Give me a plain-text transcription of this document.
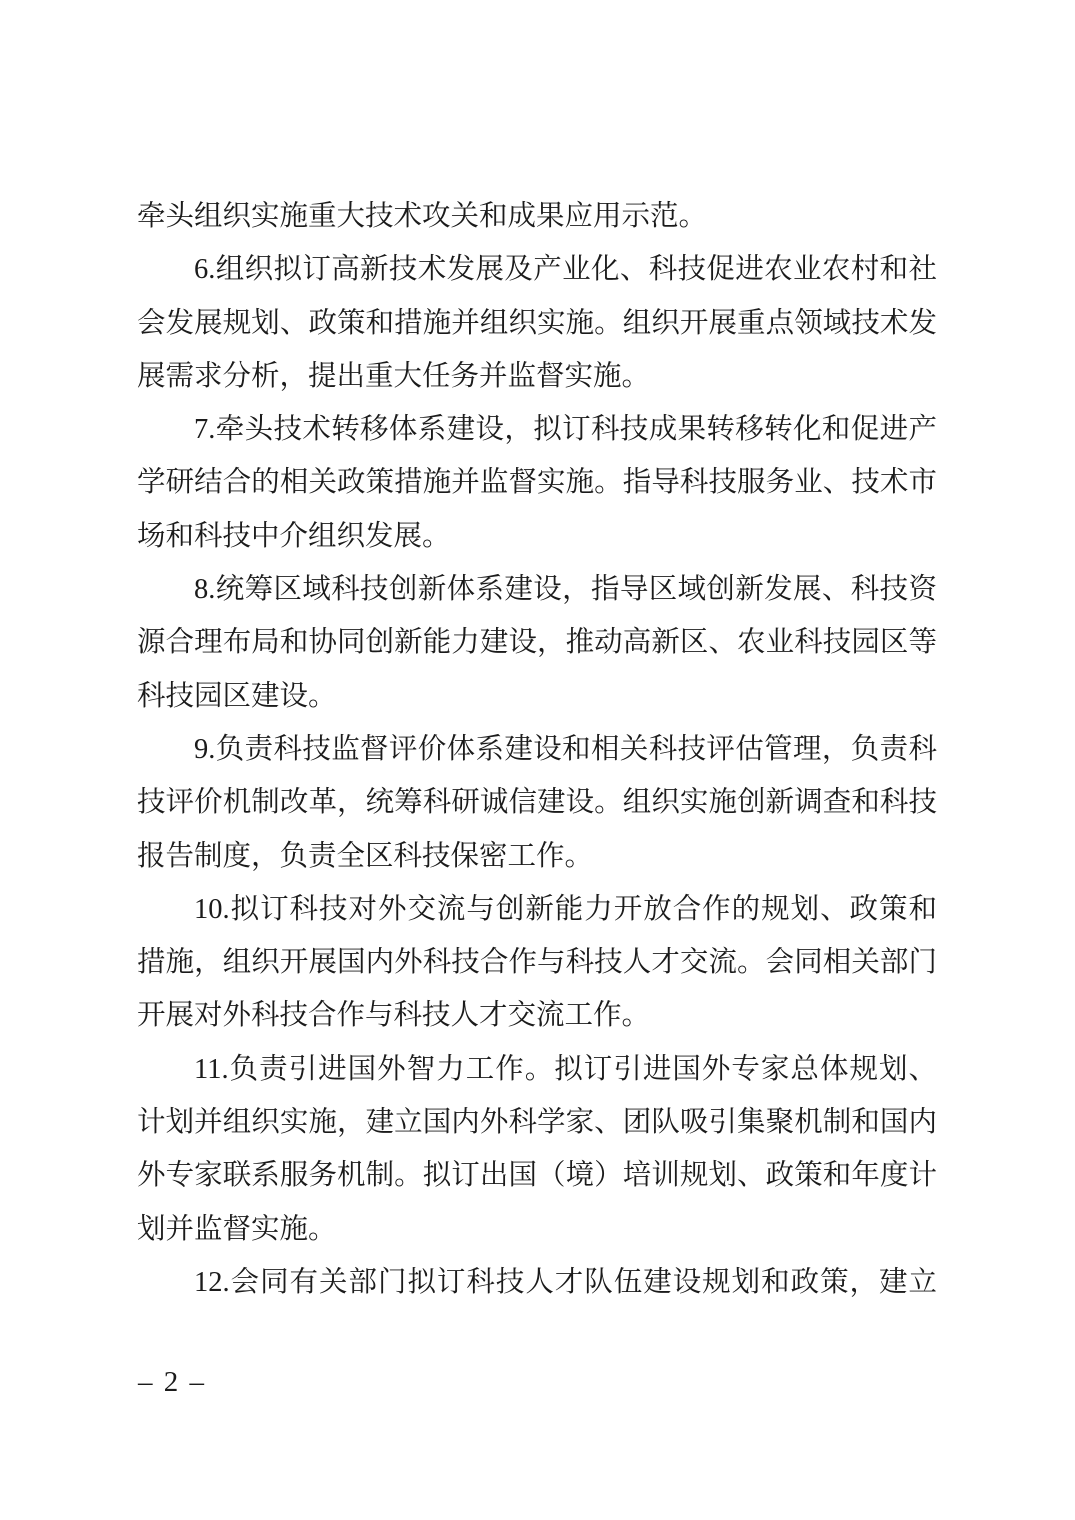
牵头组织实施重大技术攻关和成果应用示范。
6.组织拟订高新技术发展及产业化、科技促进农业农村和社
会发展规划、政策和措施并组织实施。组织开展重点领域技术发
展需求分析，提出重大任务并监督实施。
7.牵头技术转移体系建设，拟订科技成果转移转化和促进产
学研结合的相关政策措施并监督实施。指导科技服务业、技术市
场和科技中介组织发展。
8.统筹区域科技创新体系建设，指导区域创新发展、科技资
源合理布局和协同创新能力建设，推动高新区、农业科技园区等
科技园区建设。
9.负责科技监督评价体系建设和相关科技评估管理，负责科
技评价机制改革，统筹科研诚信建设。组织实施创新调查和科技
报告制度，负责全区科技保密工作。
10.拟订科技对外交流与创新能力开放合作的规划、政策和
措施，组织开展国内外科技合作与科技人才交流。会同相关部门
开展对外科技合作与科技人才交流工作。
11.负责引进国外智力工作。拟订引进国外专家总体规划、
计划并组织实施，建立国内外科学家、团队吸引集聚机制和国内
外专家联系服务机制。拟订出国（境）培训规划、政策和年度计
划并监督实施。
12.会同有关部门拟订科技人才队伍建设规划和政策，建立
– 2 –
